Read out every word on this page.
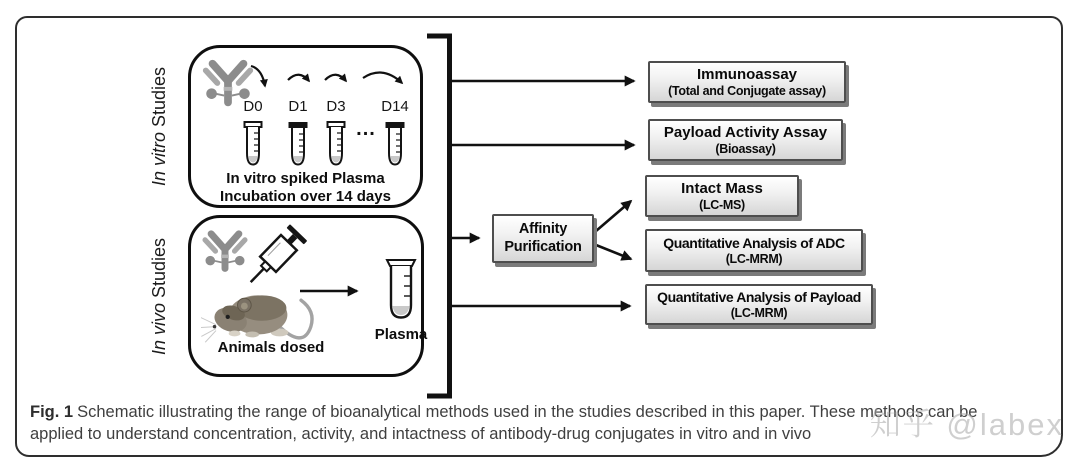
In vitroStudies
In vivoStudies
D0 D1 D3 D14
...
In vitro spiked Plasma
Incubation over 14 days
Animals dosed
Plasma
Immunoassay
(Total and Conjugate assay)
Payload Activity Assay
(Bioassay)
Intact Mass
(LC-MS)
Quantitative Analysis of ADC
(LC-MRM)
Quantitative Analysis of Payload
(LC-MRM)
Affinity
Purification
Fig. 1 Schematic illustrating the range of bioanalytical methods used in the studies described in this paper. These methods can be applied to understand concentration, activity, and intactness of antibody-drug conjugates in vitro and in vivo	知乎 @labex
